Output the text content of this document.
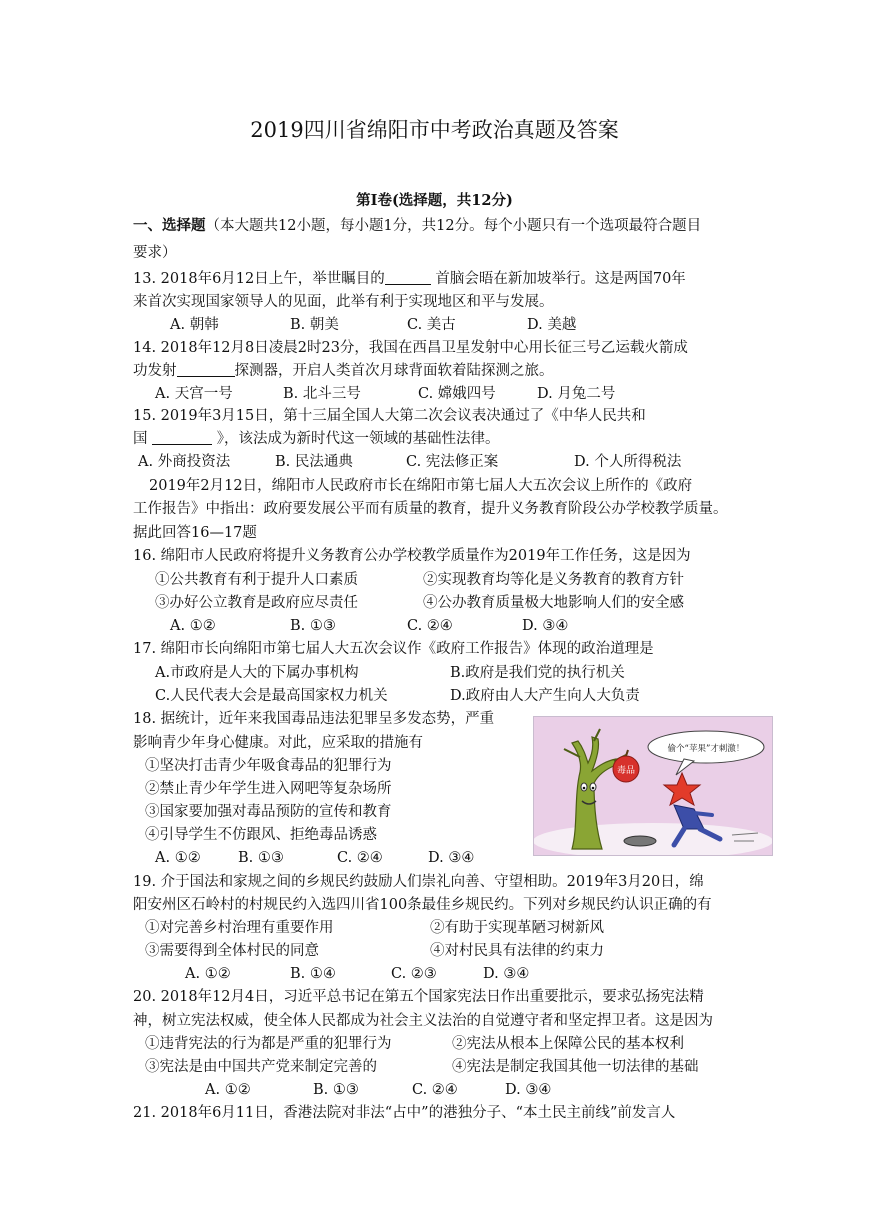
2019四川省绵阳市中考政治真题及答案
第Ⅰ卷(选择题，共12分)
一、选择题（本大题共12小题，每小题1分，共12分。每个小题只有一个选项最符合题目
要求）
13. 2018年6月12日上午，举世瞩目的	首脑会晤在新加坡举行。这是两国70年
来首次实现国家领导人的见面，此举有利于实现地区和平与发展。
A. 朝韩	B. 朝美	C. 美古	D. 美越
14. 2018年12月8日凌晨2时23分，我国在西昌卫星发射中心用长征三号乙运载火箭成
功发射	探测器，开启人类首次月球背面软着陆探测之旅。
A. 天宫一号	B. 北斗三号	C. 嫦娥四号	D. 月兔二号
15. 2019年3月15日，第十三届全国人大第二次会议表决通过了《中华人民共和
国	》，该法成为新时代这一领域的基础性法律。
A. 外商投资法	B. 民法通典	C. 宪法修正案	D. 个人所得税法
2019年2月12日，绵阳市人民政府市长在绵阳市第七届人大五次会议上所作的《政府
工作报告》中指出：政府要发展公平而有质量的教育，提升义务教育阶段公办学校教学质量。
据此回答16—17题
16. 绵阳市人民政府将提升义务教育公办学校教学质量作为2019年工作任务，这是因为
①公共教育有利于提升人口素质	②实现教育均等化是义务教育的教育方针
③办好公立教育是政府应尽责任	④公办教育质量极大地影响人们的安全感
A. ①②	B. ①③	C. ②④	D. ③④
17. 绵阳市长向绵阳市第七届人大五次会议作《政府工作报告》体现的政治道理是
A.市政府是人大的下属办事机构	B.政府是我们党的执行机关
C.人民代表大会是最高国家权力机关	D.政府由人大产生向人大负责
18. 据统计，近年来我国毒品违法犯罪呈多发态势，严重
影响青少年身心健康。对此，应采取的措施有
①坚决打击青少年吸食毒品的犯罪行为
②禁止青少年学生进入网吧等复杂场所
③国家要加强对毒品预防的宣传和教育
④引导学生不仿跟风、拒绝毒品诱惑
A. ①②	B. ①③	C. ②④	D. ③④
毒品
偷个“苹果”才刺激！
19. 介于国法和家规之间的乡规民约鼓励人们崇礼向善、守望相助。2019年3月20日，绵
阳安州区石岭村的村规民约入选四川省100条最佳乡规民约。下列对乡规民约认识正确的有
①对完善乡村治理有重要作用	②有助于实现革陋习树新风
③需要得到全体村民的同意	④对村民具有法律的约束力
A. ①②	B. ①④	C. ②③	D. ③④
20. 2018年12月4日，习近平总书记在第五个国家宪法日作出重要批示，要求弘扬宪法精
神，树立宪法权威，使全体人民都成为社会主义法治的自觉遵守者和坚定捍卫者。这是因为
①违背宪法的行为都是严重的犯罪行为	②宪法从根本上保障公民的基本权利
③宪法是由中国共产党来制定完善的	④宪法是制定我国其他一切法律的基础
A. ①②	B. ①③	C. ②④	D. ③④
21. 2018年6月11日，香港法院对非法“占中”的港独分子、“本土民主前线”前发言人
